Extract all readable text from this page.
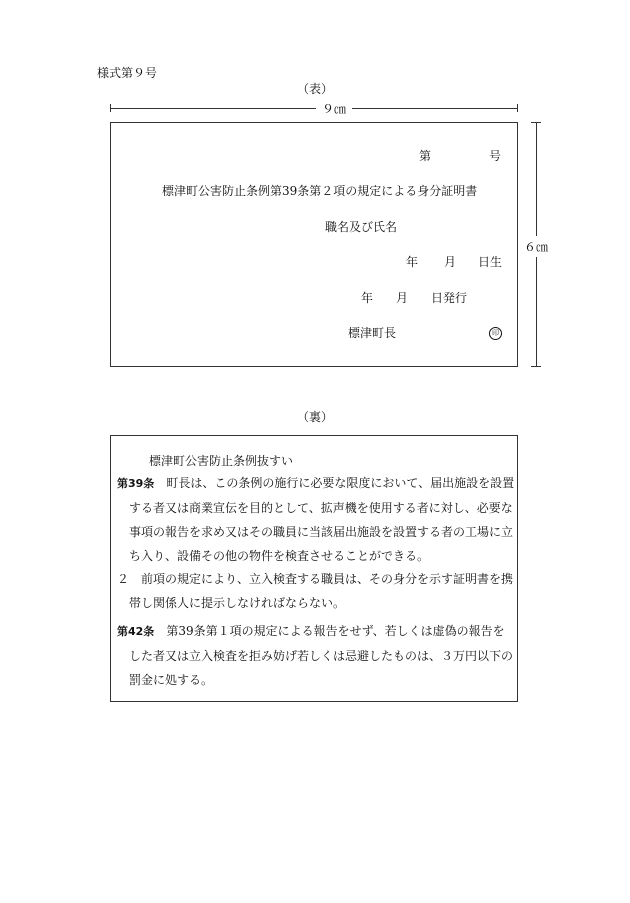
様式第９号
（表）
９㎝
第	号
標津町公害防止条例第39条第２項の規定による身分証明書
職名及び氏名
年 月 日生
年 月 日発行
標津町長	印
６㎝
（裏）
標津町公害防止条例抜すい

第39条　 町長は、この条例の施行に必要な限度において、届出施設を設置する者又は商業宣伝を目的として、拡声機を使用する者に対し、必要な事項の報告を求め又はその職員に当該届出施設を設置する者の工場に立ち入り、設備その他の物件を検査させることができる。

２　 前項の規定により、立入検査する職員は、その身分を示す証明書を携帯し関係人に提示しなければならない。

第42条　 第39条第１項の規定による報告をせず、若しくは虚偽の報告をした者又は立入検査を拒み妨げ若しくは忌避したものは、３万円以下の罰金に処する。
